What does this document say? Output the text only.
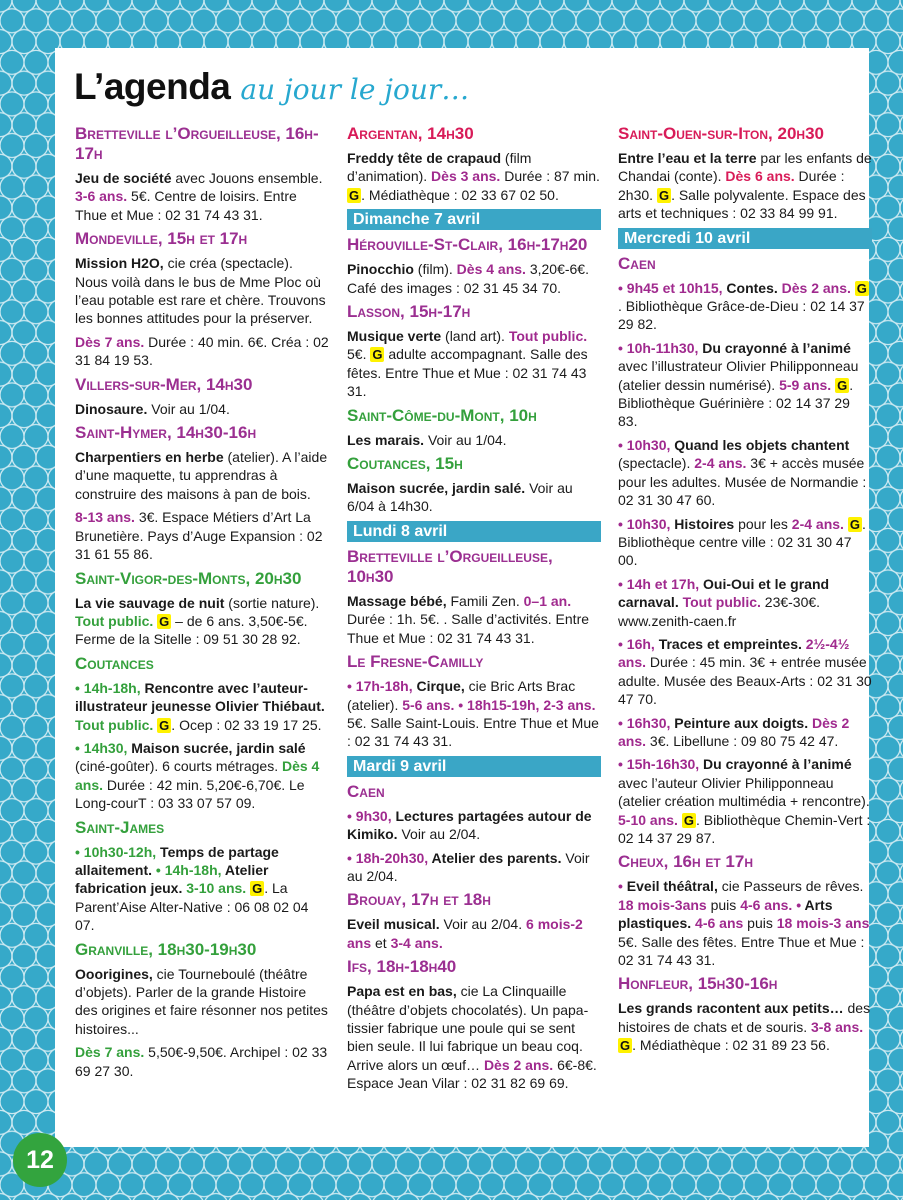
L’agenda au jour le jour…

Bretteville l’Orgueilleuse, 16h-17h

Jeu de société avec Jouons ensemble. 3-6 ans. 5€. Centre de loisirs. Entre Thue et Mue : 02 31 74 43 31.

Mondeville, 15h et 17h

Mission H2O, cie créa (spectacle). Nous voilà dans le bus de Mme Ploc où l’eau potable est rare et chère. Trouvons les bonnes attitudes pour la préserver.

Dès 7 ans. Durée : 40 min. 6€. Créa : 02 31 84 19 53.

Villers-sur-Mer, 14h30

Dinosaure. Voir au 1/04.

Saint-Hymer, 14h30-16h

Charpentiers en herbe (atelier). A l’aide d’une maquette, tu apprendras à construire des maisons à pan de bois.

8-13 ans. 3€. Espace Métiers d’Art La Brunetière. Pays d’Auge Expansion : 02 31 61 55 86.

Saint-Vigor-des-Monts, 20h30

La vie sauvage de nuit (sortie nature). Tout public. G – de 6 ans. 3,50€-5€. Ferme de la Sitelle : 09 51 30 28 92.

Coutances

• 14h-18h, Rencontre avec l’auteur-illustrateur jeunesse Olivier Thiébaut. Tout public. G . Ocep : 02 33 19 17 25.

• 14h30, Maison sucrée, jardin salé (ciné-goûter). 6 courts métrages. Dès 4 ans. Durée : 42 min. 5,20€-6,70€. Le Long-courT : 03 33 07 57 09.

Saint-James

• 10h30-12h, Temps de partage allaitement. • 14h-18h, Atelier fabrication jeux. 3-10 ans. G . La Parent’Aise Alter-Native : 06 08 02 04 07.

Granville, 18h30-19h30

Ooorigines, cie Tourneboulé (théâtre d’objets). Parler de la grande Histoire des origines et faire résonner nos petites histoires...

Dès 7 ans. 5,50€-9,50€. Archipel : 02 33 69 27 30.

Argentan, 14h30

Freddy tête de crapaud (film d’animation). Dès 3 ans. Durée : 87 min. G . Médiathèque : 02 33 67 02 50.

Dimanche 7 avril

Hérouville-St-Clair, 16h-17h20

Pinocchio (film). Dès 4 ans. 3,20€-6€. Café des images : 02 31 45 34 70.

Lasson, 15h-17h

Musique verte (land art). Tout public. 5€. G adulte accompagnant. Salle des fêtes. Entre Thue et Mue : 02 31 74 43 31.

Saint-Côme-du-Mont, 10h

Les marais. Voir au 1/04.

Coutances, 15h

Maison sucrée, jardin salé. Voir au 6/04 à 14h30.

Lundi 8 avril

Bretteville l’Orgueilleuse, 10h30

Massage bébé, Famili Zen. 0–1 an. Durée : 1h. 5€. . Salle d’activités. Entre Thue et Mue : 02 31 74 43 31.

Le Fresne-Camilly

• 17h-18h, Cirque, cie Bric Arts Brac (atelier). 5-6 ans. • 18h15-19h, 2-3 ans. 5€. Salle Saint-Louis. Entre Thue et Mue : 02 31 74 43 31.

Mardi 9 avril

Caen

• 9h30, Lectures partagées autour de Kimiko. Voir au 2/04.

• 18h-20h30, Atelier des parents. Voir au 2/04.

Brouay, 17h et 18h

Eveil musical. Voir au 2/04. 6 mois-2 ans et 3-4 ans.

Ifs, 18h-18h40

Papa est en bas, cie La Clinquaille (théâtre d’objets chocolatés). Un papa-tissier fabrique une poule qui se sent bien seule. Il lui fabrique un beau coq. Arrive alors un œuf… Dès 2 ans. 6€-8€. Espace Jean Vilar : 02 31 82 69 69.

Saint-Ouen-sur-Iton, 20h30

Entre l’eau et la terre par les enfants de Chandai (conte). Dès 6 ans. Durée : 2h30. G . Salle polyvalente. Espace des arts et techniques : 02 33 84 99 91.

Mercredi 10 avril

Caen

• 9h45 et 10h15, Contes. Dès 2 ans. G. Bibliothèque Grâce-de-Dieu : 02 14 37 29 82.

• 10h-11h30, Du crayonné à l’animé avec l’illustrateur Olivier Philipponneau (atelier dessin numérisé). 5-9 ans. G . Bibliothèque Guérinière : 02 14 37 29 83.

• 10h30, Quand les objets chantent (spectacle). 2-4 ans. 3€ + accès musée pour les adultes. Musée de Normandie : 02 31 30 47 60.

• 10h30, Histoires pour les 2-4 ans. G . Bibliothèque centre ville : 02 31 30 47 00.

• 14h et 17h, Oui-Oui et le grand carnaval. Tout public. 23€-30€. www.zenith-caen.fr

• 16h, Traces et empreintes. 2½-4½ ans. Durée : 45 min. 3€ + entrée musée adulte. Musée des Beaux-Arts : 02 31 30 47 70.

• 16h30, Peinture aux doigts. Dès 2 ans. 3€. Libellune : 09 80 75 42 47.

• 15h-16h30, Du crayonné à l’animé avec l’auteur Olivier Philipponneau (atelier création multimédia + rencontre). 5-10 ans. G . Bibliothèque Chemin-Vert : 02 14 37 29 87.

Cheux, 16h et 17h

• Eveil théâtral, cie Passeurs de rêves. 18 mois-3ans puis 4-6 ans. • Arts plastiques. 4-6 ans puis 18 mois-3 ans 5€. Salle des fêtes. Entre Thue et Mue : 02 31 74 43 31.

Honfleur, 15h30-16h

Les grands racontent aux petits… des histoires de chats et de souris. 3-8 ans. G . Médiathèque : 02 31 89 23 56.

12
